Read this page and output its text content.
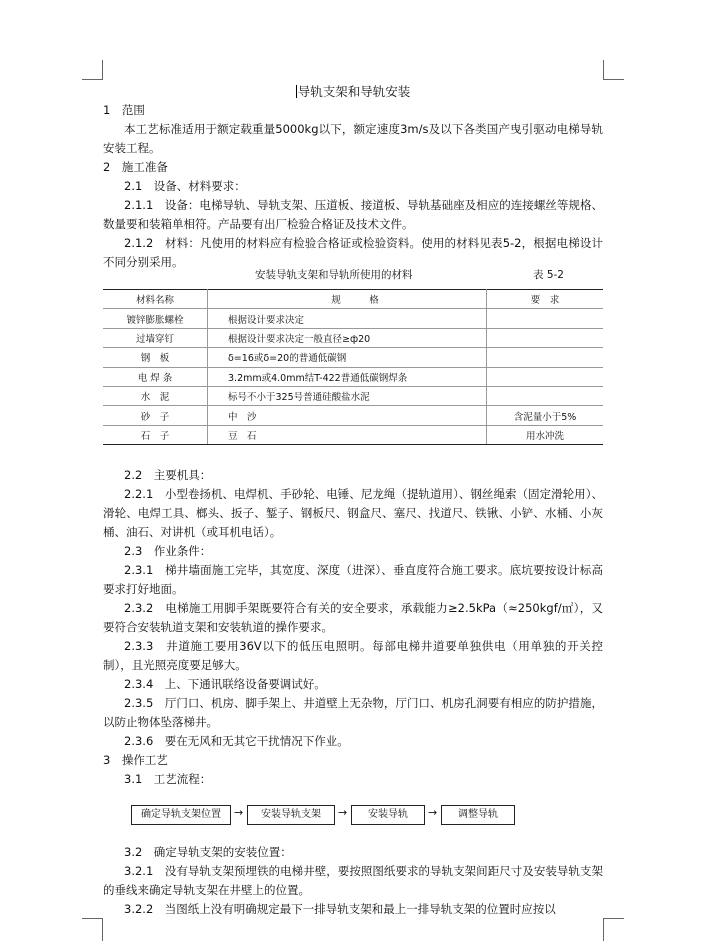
导轨支架和导轨安装

1　范围

本工艺标准适用于额定载重量5000kg以下，额定速度3m/s及以下各类国产曳引驱动电梯导轨安装工程。

2　施工准备

2.1　设备、材料要求：

2.1.1　设备：电梯导轨、导轨支架、压道板、接道板、导轨基础座及相应的连接螺丝等规格、数量要和装箱单相符。产品要有出厂检验合格证及技术文件。

2.1.2　材料：凡使用的材料应有检验合格证或检验资料。使用的材料见表5-2，根据电梯设计不同分别采用。

安装导轨支架和导轨所使用的材料	表 5-2
材料名称	规　　　格	要　求
镀锌膨胀螺栓	根据设计要求决定	
过墙穿钉	根据设计要求决定一般直径≥ф20	
钢　板	δ=16或δ=20的普通低碳钢	
电 焊 条	3.2mm或4.0mm结T-422普通低碳钢焊条	
水　泥	标号不小于325号普通硅酸盐水泥	
砂　子	中　沙	含泥量小于5%
石　子	豆　石	用水冲洗

2.2　主要机具：

2.2.1　小型卷扬机、电焊机、手砂轮、电锤、尼龙绳（提轨道用）、钢丝绳索（固定滑轮用）、滑轮、电焊工具、榔头、扳子、錾子、钢板尺、钢盒尺、塞尺、找道尺、铁锹、小铲、水桶、小灰桶、油石、对讲机（或耳机电话）。

2.3　作业条件：

2.3.1　梯井墙面施工完毕，其宽度、深度（进深）、垂直度符合施工要求。底坑要按设计标高要求打好地面。

2.3.2　电梯施工用脚手架既要符合有关的安全要求，承载能力≥2.5kPa（≈250kgf/㎡），又要符合安装轨道支架和安装轨道的操作要求。

2.3.3　井道施工要用36V以下的低压电照明。每部电梯井道要单独供电（用单独的开关控制），且光照亮度要足够大。

2.3.4　上、下通讯联络设备要调试好。

2.3.5　厅门口、机房、脚手架上、井道壁上无杂物，厅门口、机房孔洞要有相应的防护措施，以防止物体坠落梯井。

2.3.6　要在无风和无其它干扰情况下作业。

3　操作工艺

3.1　工艺流程：

确定导轨支架位置	→	安装导轨支架	→	安装导轨	→	调整导轨

3.2　确定导轨支架的安装位置：

3.2.1　没有导轨支架预埋铁的电梯井壁，要按照图纸要求的导轨支架间距尺寸及安装导轨支架的垂线来确定导轨支架在井壁上的位置。

3.2.2　当图纸上没有明确规定最下一排导轨支架和最上一排导轨支架的位置时应按以
